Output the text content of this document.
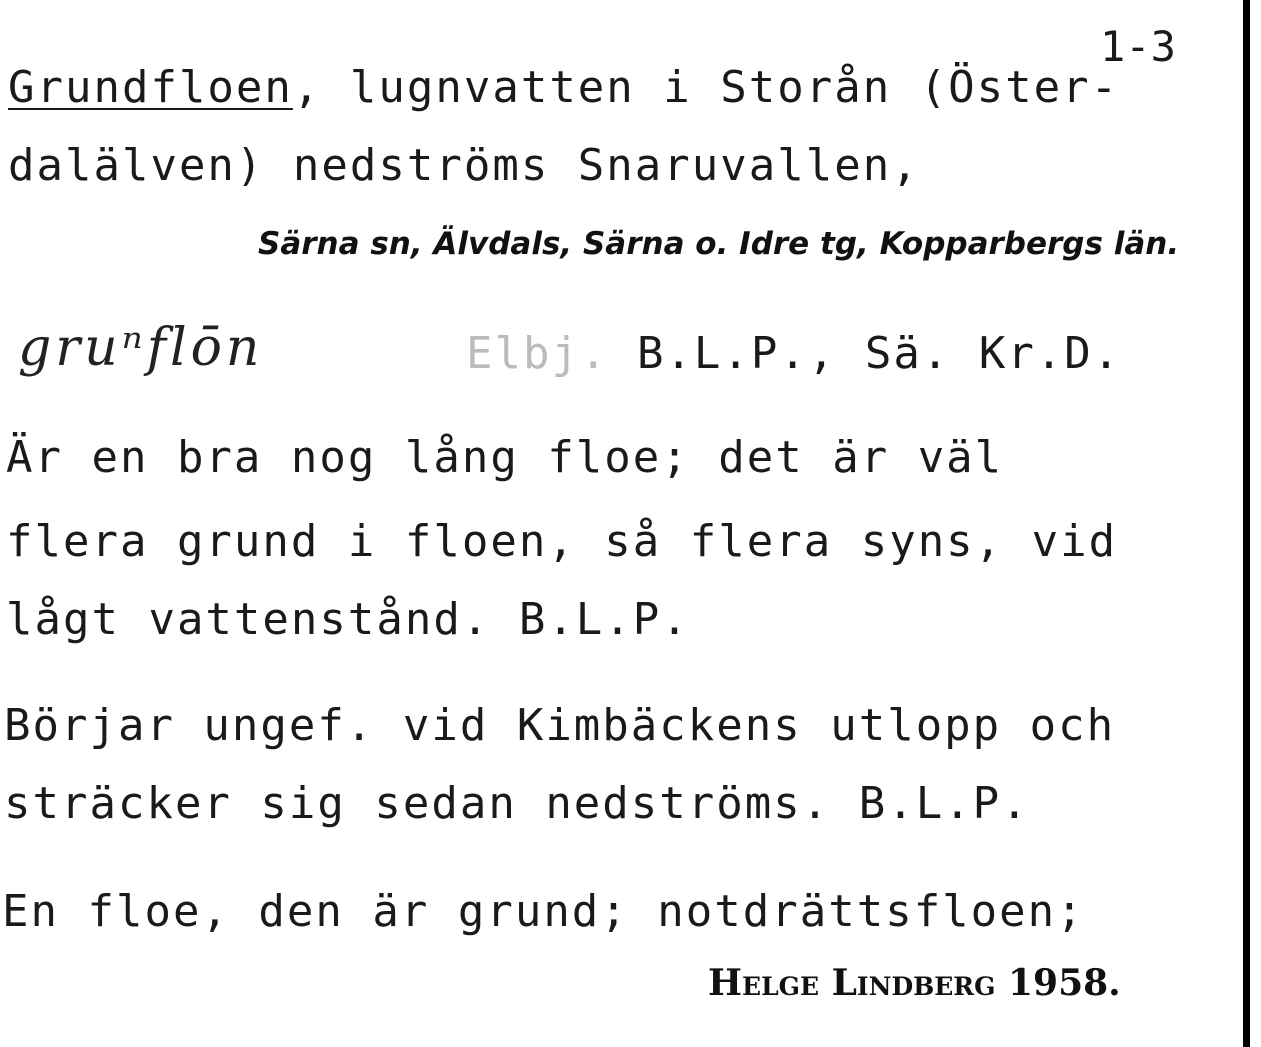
1-3
Grundfloen, lugnvatten i Storån (Öster-
dalälven) nedströms Snaruvallen,
Särna sn, Älvdals, Särna o. Idre tg, Kopparbergs län.
gruⁿflōn	Elbj. B.L.P., Sä. Kr.D.
Är en bra nog lång floe; det är väl
flera grund i floen, så flera syns, vid
lågt vattenstånd. B.L.P.
Börjar ungef. vid Kimbäckens utlopp och
sträcker sig sedan nedströms. B.L.P.
En floe, den är grund; notdrättsfloen;
Helge Lindberg 1958.
